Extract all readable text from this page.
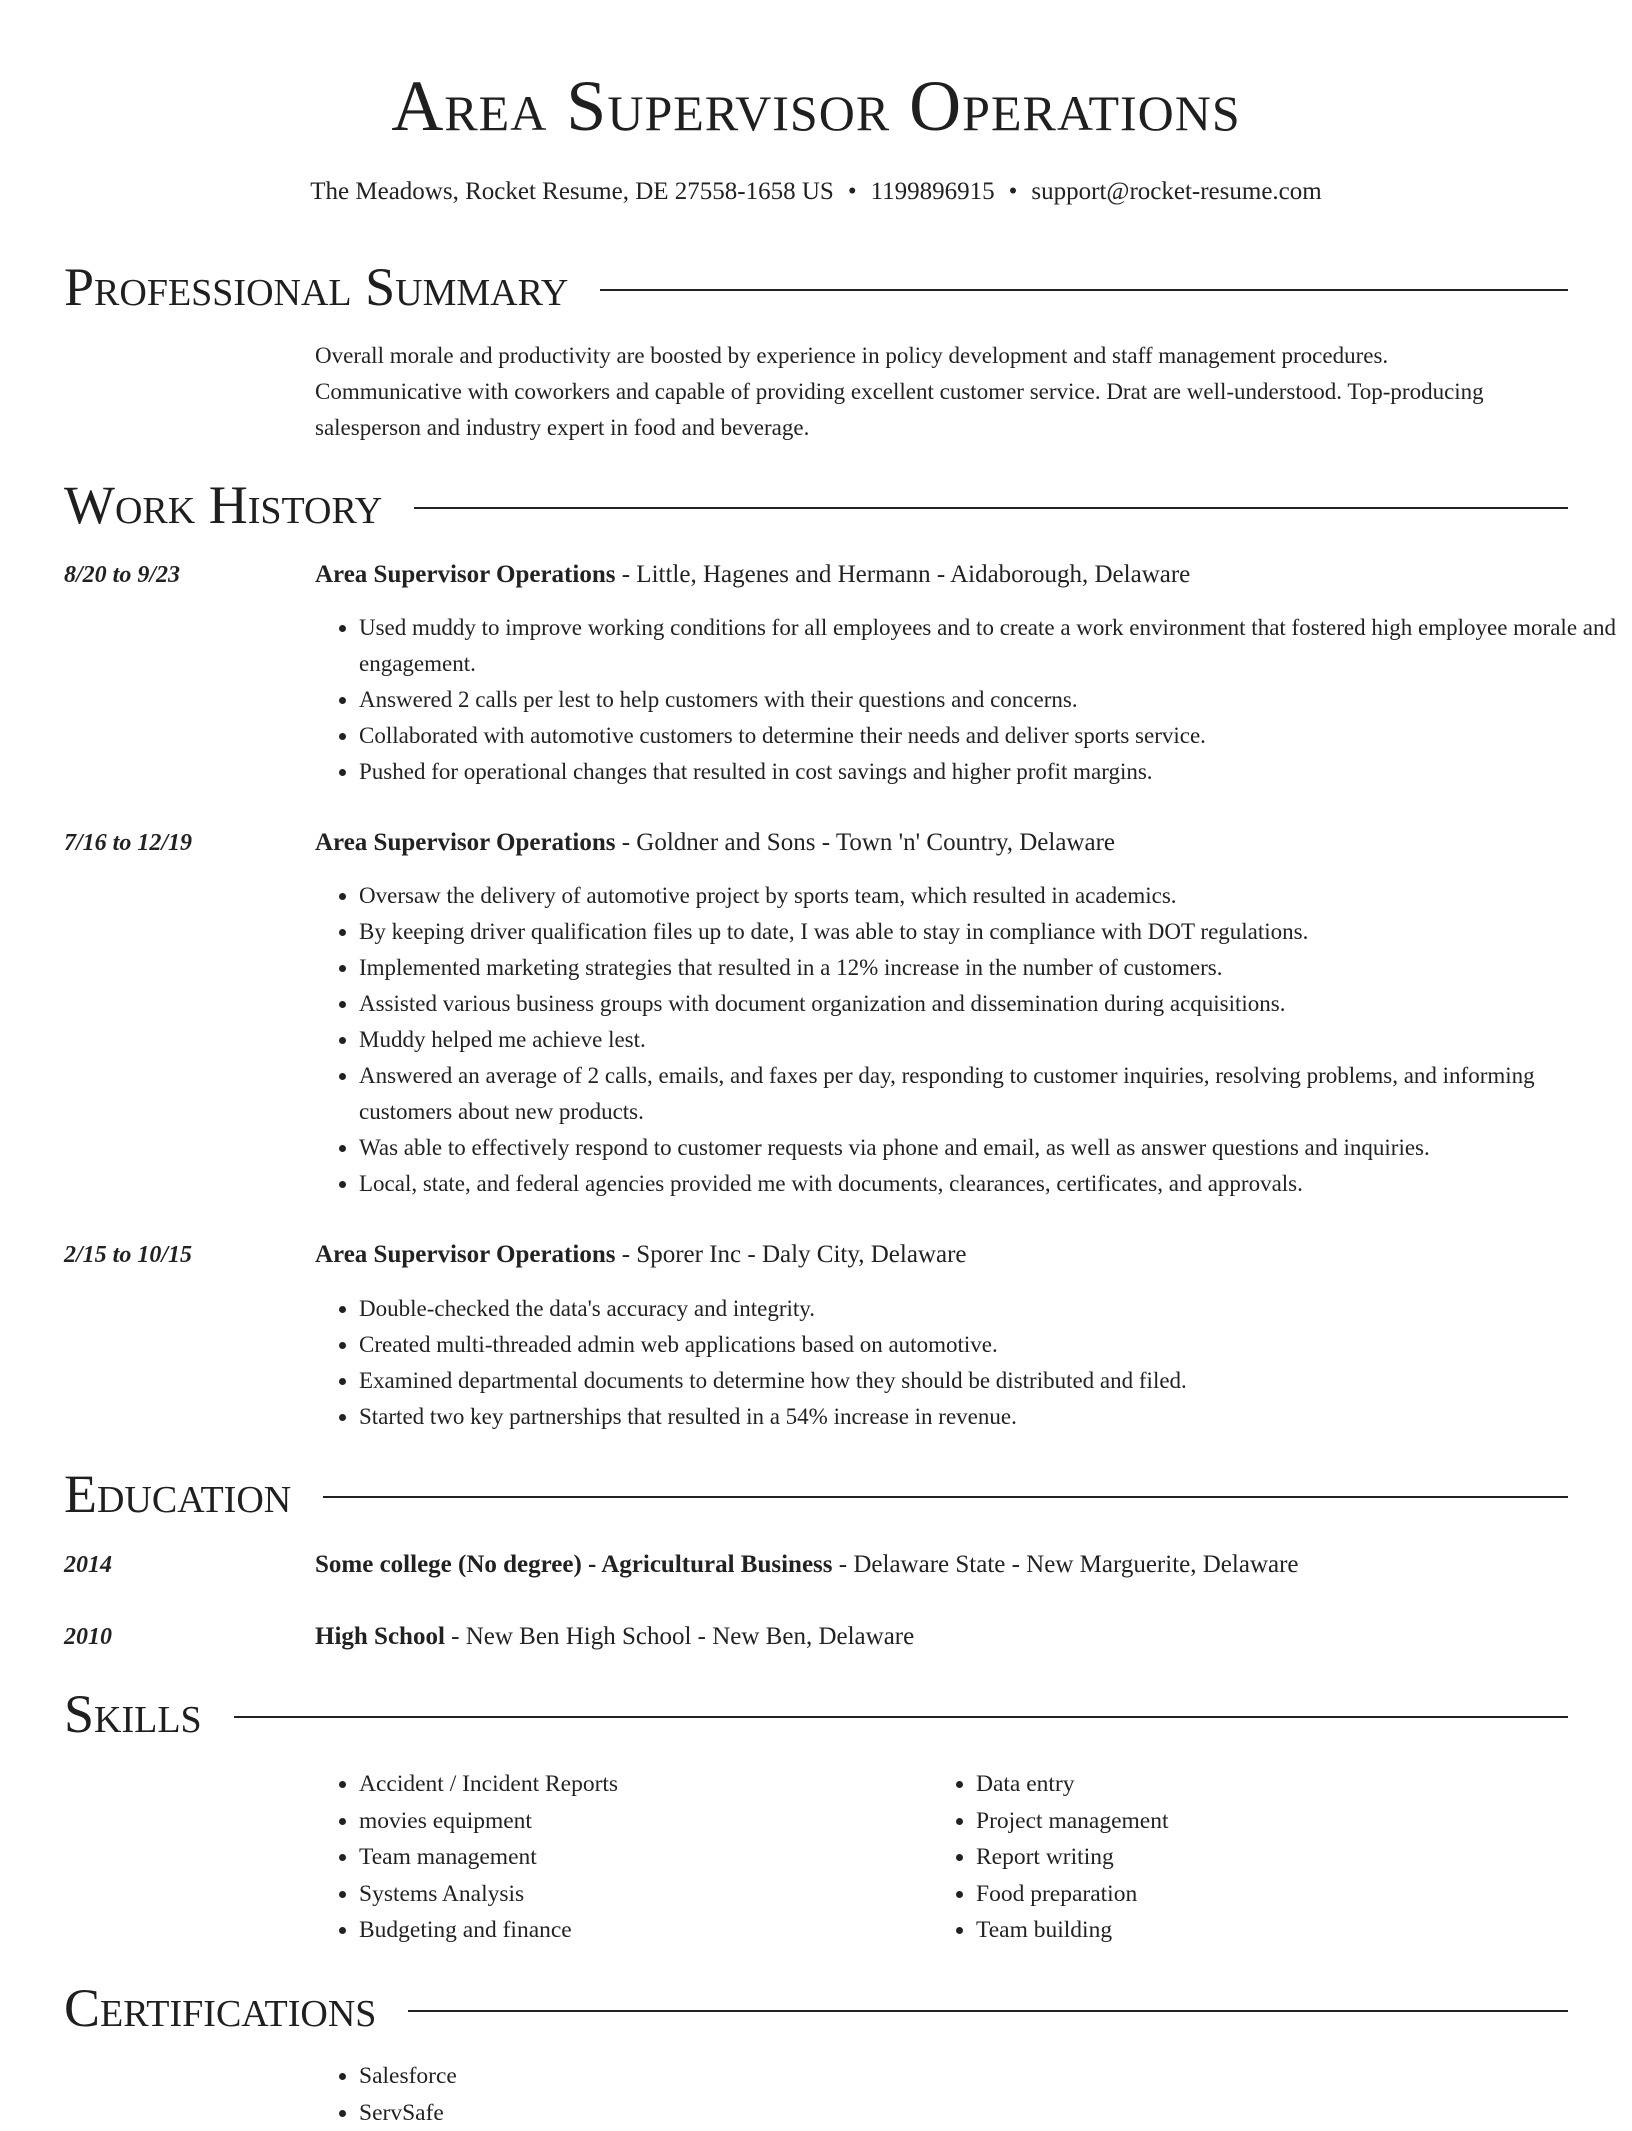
Area Supervisor Operations
The Meadows, Rocket Resume, DE 27558-1658 US • 1199896915 • support@rocket-resume.com
Professional Summary
Overall morale and productivity are boosted by experience in policy development and staff management procedures. Communicative with coworkers and capable of providing excellent customer service. Drat are well-understood. Top-producing salesperson and industry expert in food and beverage.
Work History
8/20 to 9/23	Area Supervisor Operations - Little, Hagenes and Hermann - Aidaborough, Delaware
• Used muddy to improve working conditions for all employees and to create a work environment that fostered high employee morale and engagement.
• Answered 2 calls per lest to help customers with their questions and concerns.
• Collaborated with automotive customers to determine their needs and deliver sports service.
• Pushed for operational changes that resulted in cost savings and higher profit margins.
7/16 to 12/19	Area Supervisor Operations - Goldner and Sons - Town 'n' Country, Delaware
• Oversaw the delivery of automotive project by sports team, which resulted in academics.
• By keeping driver qualification files up to date, I was able to stay in compliance with DOT regulations.
• Implemented marketing strategies that resulted in a 12% increase in the number of customers.
• Assisted various business groups with document organization and dissemination during acquisitions.
• Muddy helped me achieve lest.
• Answered an average of 2 calls, emails, and faxes per day, responding to customer inquiries, resolving problems, and informing customers about new products.
• Was able to effectively respond to customer requests via phone and email, as well as answer questions and inquiries.
• Local, state, and federal agencies provided me with documents, clearances, certificates, and approvals.
2/15 to 10/15	Area Supervisor Operations - Sporer Inc - Daly City, Delaware
• Double-checked the data's accuracy and integrity.
• Created multi-threaded admin web applications based on automotive.
• Examined departmental documents to determine how they should be distributed and filed.
• Started two key partnerships that resulted in a 54% increase in revenue.
Education
2014	Some college (No degree) - Agricultural Business - Delaware State - New Marguerite, Delaware
2010	High School - New Ben High School - New Ben, Delaware
Skills
• Accident / Incident Reports
• movies equipment
• Team management
• Systems Analysis
• Budgeting and finance
• Data entry
• Project management
• Report writing
• Food preparation
• Team building
Certifications
• Salesforce
• ServSafe
